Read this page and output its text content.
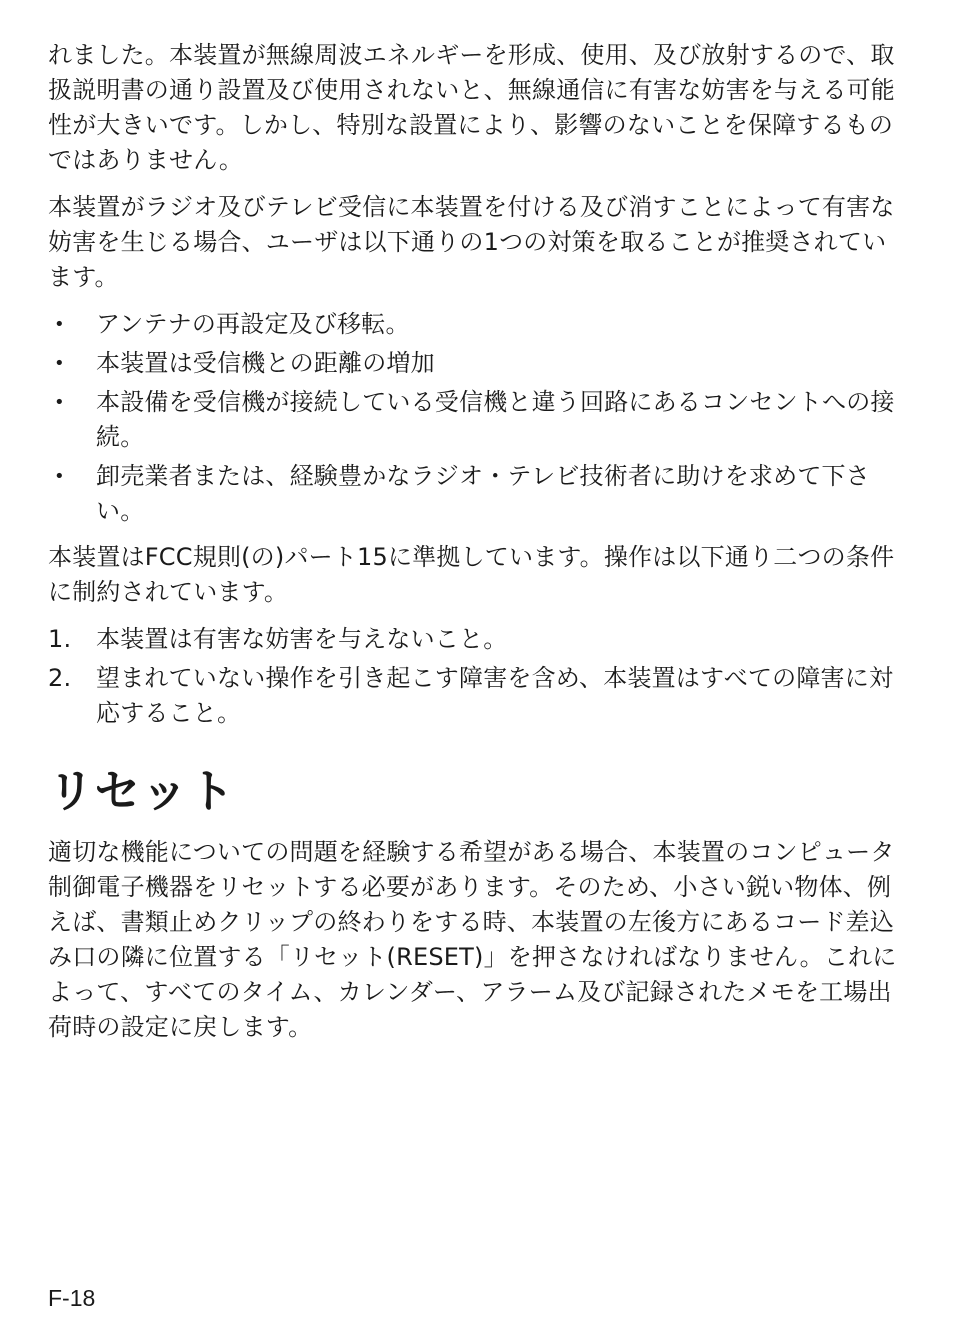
れました。本装置が無線周波エネルギーを形成、使用、及び放射するので、取扱説明書の通り設置及び使用されないと、無線通信に有害な妨害を与える可能性が大きいです。しかし、特別な設置により、影響のないことを保障するものではありません。

本装置がラジオ及びテレビ受信に本装置を付ける及び消すことによって有害な妨害を生じる場合、ユーザは以下通りの1つの対策を取ることが推奨されています。

•	アンテナの再設定及び移転。
•	本装置は受信機との距離の増加
•	本設備を受信機が接続している受信機と違う回路にあるコンセントへの接続。
•	卸売業者または、経験豊かなラジオ・テレビ技術者に助けを求めて下さい。

本装置はFCC規則(の)パート15に準拠しています。操作は以下通り二つの条件に制約されています。

1.	本装置は有害な妨害を与えないこと。
2.	望まれていない操作を引き起こす障害を含め、本装置はすべての障害に対応すること。
リセット

適切な機能についての問題を経験する希望がある場合、本装置のコンピュータ制御電子機器をリセットする必要があります。そのため、小さい鋭い物体、例えば、書類止めクリップの終わりをする時、本装置の左後方にあるコード差込み口の隣に位置する「リセット(RESET)」を押さなければなりません。これによって、すべてのタイム、カレンダー、アラーム及び記録されたメモを工場出荷時の設定に戻します。

F-18
